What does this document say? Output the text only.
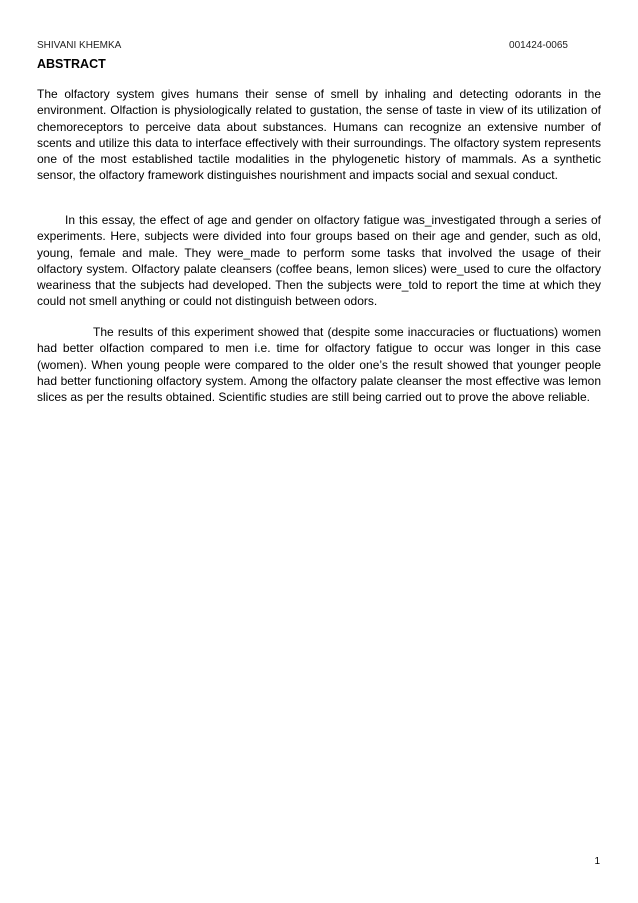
SHIVANI KHEMKA	001424-0065
ABSTRACT

The olfactory system gives humans their sense of smell by inhaling and detecting odorants in the environment. Olfaction is physiologically related to gustation, the sense of taste in view of its utilization of chemoreceptors to perceive data about substances. Humans can recognize an extensive number of scents and utilize this data to interface effectively with their surroundings. The olfactory system represents one of the most established tactile modalities in the phylogenetic history of mammals. As a synthetic sensor, the olfactory framework distinguishes nourishment and impacts social and sexual conduct.

In this essay, the effect of age and gender on olfactory fatigue was_investigated through a series of experiments. Here, subjects were divided into four groups based on their age and gender, such as old, young, female and male. They were_made to perform some tasks that involved the usage of their olfactory system. Olfactory palate cleansers (coffee beans, lemon slices) were_used to cure the olfactory weariness that the subjects had developed. Then the subjects were_told to report the time at which they could not smell anything or could not distinguish between odors.

The results of this experiment showed that (despite some inaccuracies or fluctuations) women had better olfaction compared to men i.e. time for olfactory fatigue to occur was longer in this case (women). When young people were compared to the older one’s the result showed that younger people had better functioning olfactory system. Among the olfactory palate cleanser the most effective was lemon slices as per the results obtained. Scientific studies are still being carried out to prove the above reliable.

1
